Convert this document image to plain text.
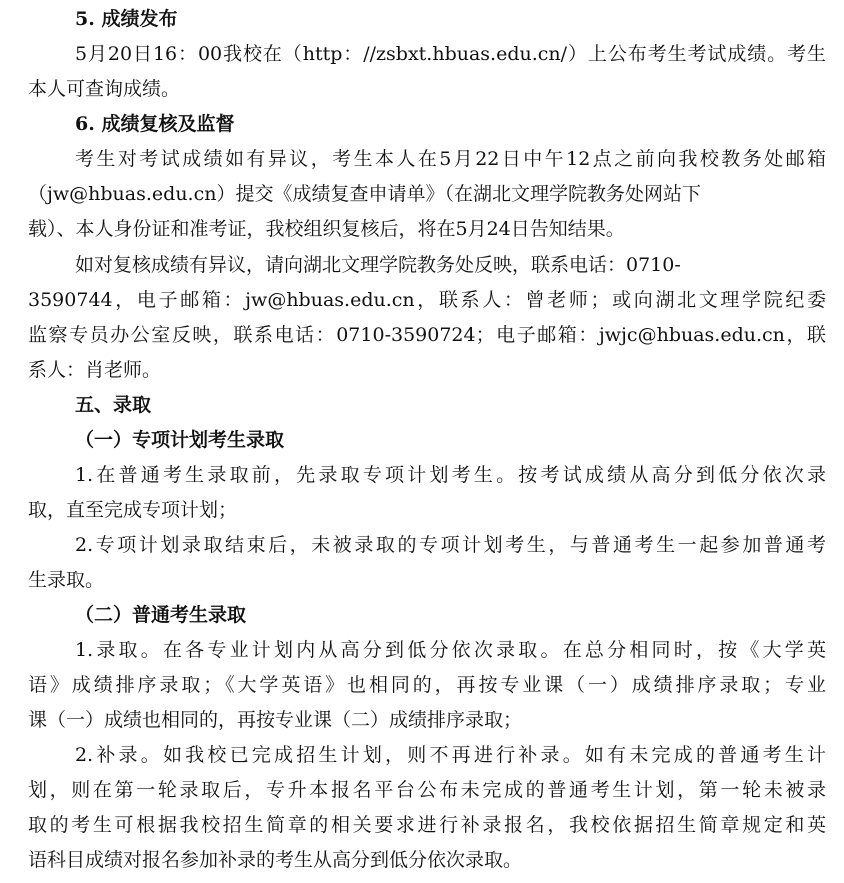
5. 成绩发布
5月20日16：00我校在（http：//zsbxt.hbuas.edu.cn/）上公布考生考试成绩。考生
本人可查询成绩。
6. 成绩复核及监督
考生对考试成绩如有异议，考生本人在5月22日中午12点之前向我校教务处邮箱
（jw@hbuas.edu.cn）提交《成绩复查申请单》（在湖北文理学院教务处网站下
载）、本人身份证和准考证，我校组织复核后，将在5月24日告知结果。
如对复核成绩有异议，请向湖北文理学院教务处反映，联系电话：0710-
3590744，电子邮箱：jw@hbuas.edu.cn，联系人：曾老师；或向湖北文理学院纪委
监察专员办公室反映，联系电话：0710-3590724；电子邮箱：jwjc@hbuas.edu.cn，联
系人：肖老师。
五、录取
（一）专项计划考生录取
1.在普通考生录取前，先录取专项计划考生。按考试成绩从高分到低分依次录
取，直至完成专项计划；
2.专项计划录取结束后，未被录取的专项计划考生，与普通考生一起参加普通考
生录取。
（二）普通考生录取
1.录取。在各专业计划内从高分到低分依次录取。在总分相同时，按《大学英
语》成绩排序录取；《大学英语》也相同的，再按专业课（一）成绩排序录取；专业
课（一）成绩也相同的，再按专业课（二）成绩排序录取；
2.补录。如我校已完成招生计划，则不再进行补录。如有未完成的普通考生计
划，则在第一轮录取后，专升本报名平台公布未完成的普通考生计划，第一轮未被录
取的考生可根据我校招生简章的相关要求进行补录报名，我校依据招生简章规定和英
语科目成绩对报名参加补录的考生从高分到低分依次录取。
